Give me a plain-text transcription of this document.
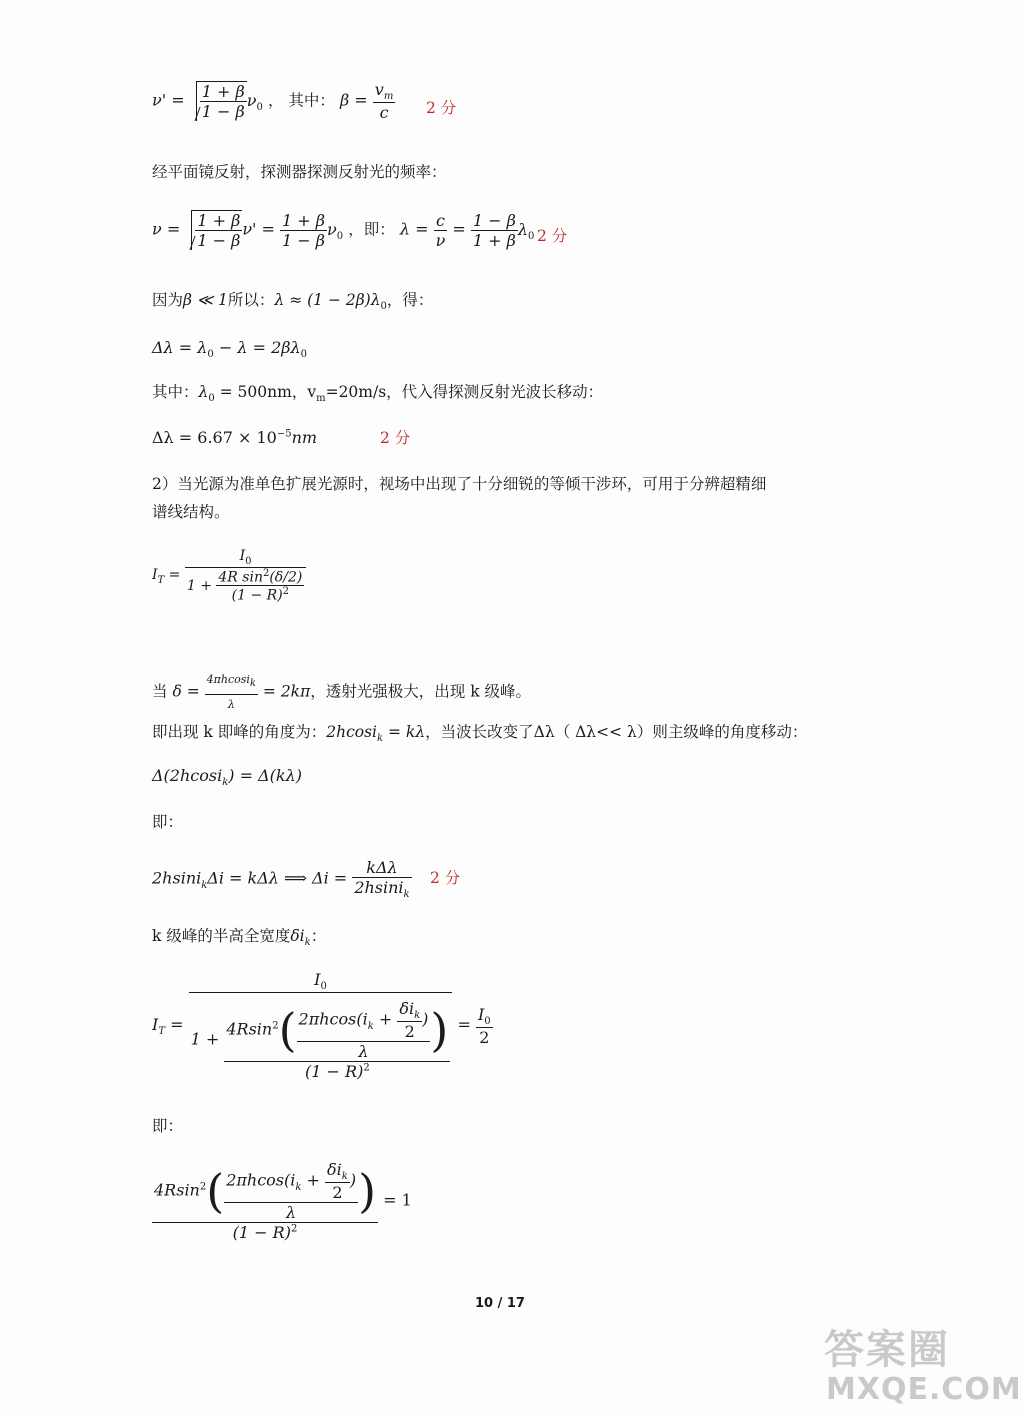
$\nu' = \frac{1 + \beta}{1 - \beta} \nu_0$ ， 其中： $\beta = \frac{v_m}{c} 2$ 分
经平面镜反射，探测器探测反射光的频率：
$\nu = \frac{1 + \beta}{1 - \beta} \nu' = \frac{1 + \beta}{1 - \beta} \nu_0$ ，即： $\lambda = \frac{c}{\nu} = \frac{1 - \beta}{1 + \beta} \lambda_0$ 2 分
因为β ≪ 1所以：$\lambda \approx (1 - 2\beta)\lambda_0$，得：
$\Delta\lambda = \lambda_0 - \lambda = 2\beta\lambda_0$
其中：$\lambda_0 = 500nm$，$v_m=20m/s$，代入得探测反射光波长移动：
$\Delta\lambda = 6.67 \times 10^{-5}nm$	2 分
2）当光源为准单色扩展光源时，视场中出现了十分细锐的等倾干涉环，可用于分辨超精细
谱线结构。
$I_T = \frac{I_0}{1 + \frac{4R \sin^2(\delta/2)}{(1 - R)^2}}$
当 $\delta = \frac{4\pi hcosi_k}{\lambda} = 2k\pi$，透射光强极大，出现 k 级峰。
即出现 k 即峰的角度为：2hcosi$_k$ = kλ，当波长改变了Δλ（ Δλ<< λ）则主级峰的角度移动：
Δ(2hcosi$_k$) = Δ(kλ)
即：
2hsini$_k$Δi = kΔλ ⟹ $\Delta i = \frac{\text{kΔλ}}{2hsini_k} 2$ 分
k 级峰的半高全宽度$\delta i_k$：
$I_T = \frac{I_0}{1 + \frac{4Rsin^2( \frac{2\pi hcos(i_k + \frac{\delta i_k}{2} )}{\lambda} )}{(1 - R)^2}} = \frac{I_0}{2}$
即：
$\frac{4Rsin^2( \frac{2\pi hcos(i_k + \frac{\delta i_k}{2} )}{\lambda} )}{(1 - R)^2} = 1$
10 / 17
答案圈
MXQE.COM
